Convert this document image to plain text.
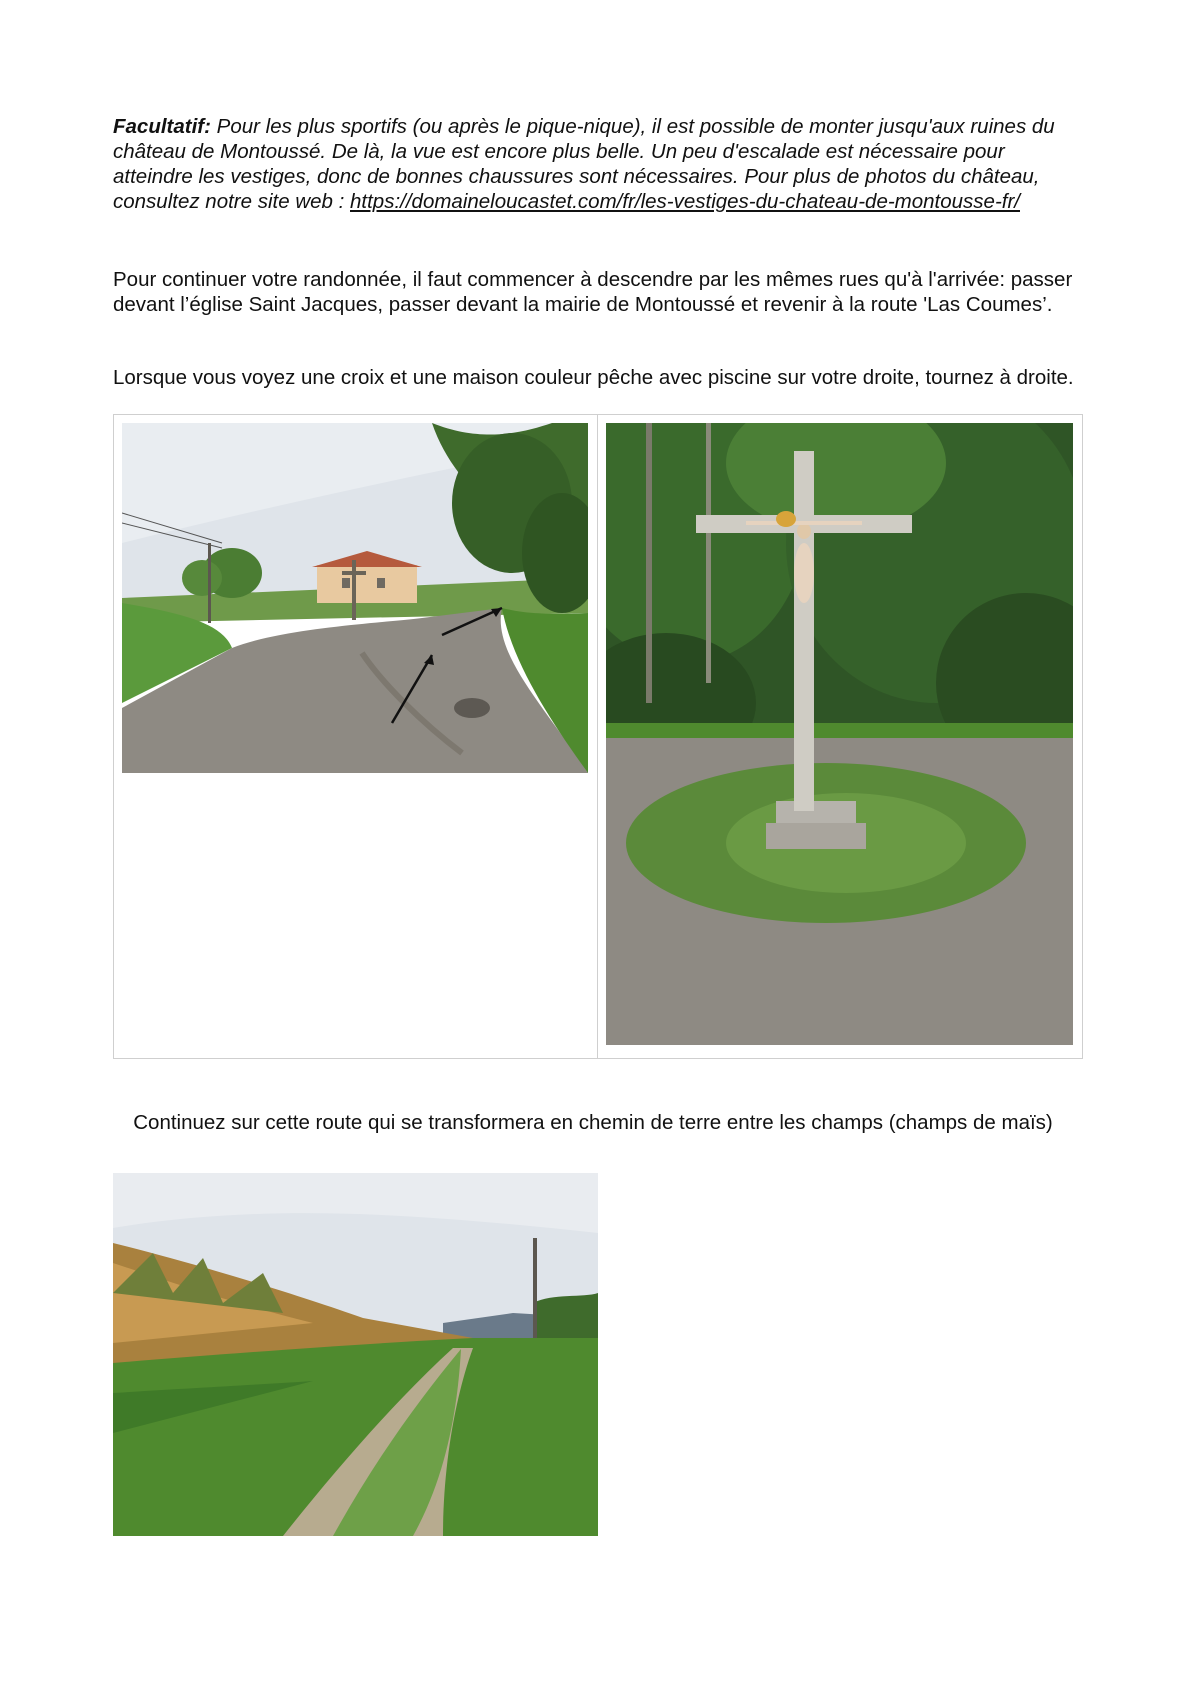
Facultatif: Pour les plus sportifs (ou après le pique-nique), il est possible de monter jusqu'aux ruines du château de Montoussé. De là, la vue est encore plus belle. Un peu d'escalade est nécessaire pour atteindre les vestiges, donc de bonnes chaussures sont nécessaires. Pour plus de photos du château, consultez notre site web : https://domaineloucastet.com/fr/les-vestiges-du-chateau-de-montousse-fr/

Pour continuer votre randonnée, il faut commencer à descendre par les mêmes rues qu'à l'arrivée: passer devant l’église Saint Jacques, passer devant la mairie de Montoussé et revenir à la route 'Las Coumes’.

Lorsque vous voyez une croix et une maison couleur pêche avec piscine sur votre droite, tournez à droite.

Continuez sur cette route qui se transformera en chemin de terre entre les champs (champs de maïs)
